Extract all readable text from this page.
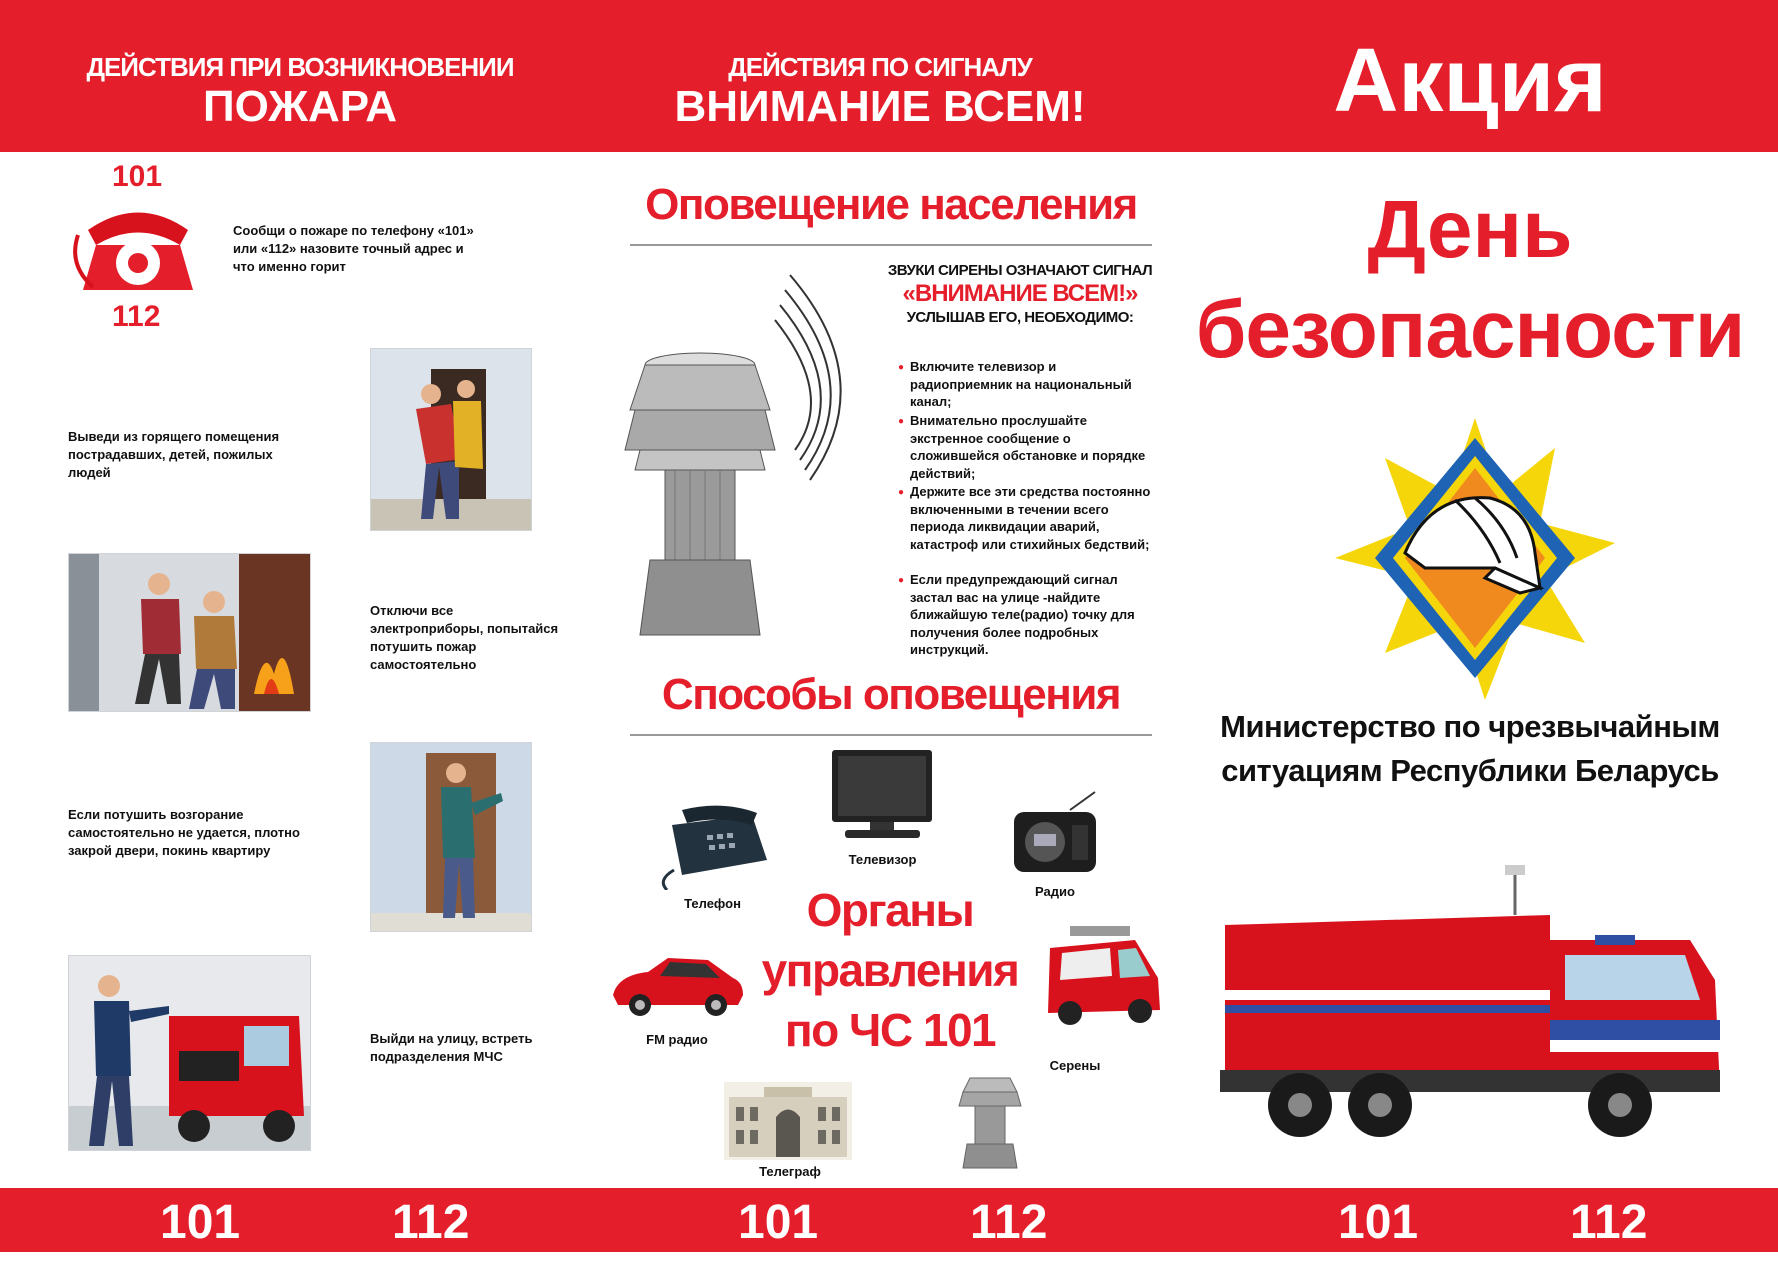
ДЕЙСТВИЯ ПРИ ВОЗНИКНОВЕНИИ
ПОЖАРА
ДЕЙСТВИЯ ПО СИГНАЛУ
ВНИМАНИЕ ВСЕМ!	Акция
101
112
Сообщи о пожаре по телефону «101» или «112» назовите точный адрес и что именно горит
Выведи из горящего помещения пострадавших, детей, пожилых людей
Отключи все электроприборы, попытайся потушить пожар самостоятельно
Если потушить возгорание самостоятельно не удается, плотно закрой двери, покинь квартиру
Выйди на улицу, встреть подразделения МЧС
Оповещение населения
ЗВУКИ СИРЕНЫ ОЗНАЧАЮТ СИГНАЛ
«ВНИМАНИЕ ВСЕМ!»
УСЛЫШАВ ЕГО, НЕОБХОДИМО:
● Включите телевизор и радиоприемник на национальный канал;
● Внимательно прослушайте экстренное сообщение о сложившейся обстановке и порядке действий;
● Держите все эти средства постоянно включенными в течении всего периода ликвидации аварий, катастроф или стихийных бедствий;
● Если предупреждающий сигнал застал вас на улице -найдите ближайшую теле(радио) точку для получения более подробных инструкций.
Способы оповещения
Телевизор
Телефон
Радио
Органы
управления
по ЧС 101
FM радио
Серены
Телеграф
День
безопасности
Министерство по чрезвычайным
ситуациям Республики Беларусь
101	112	101	112	101	112
